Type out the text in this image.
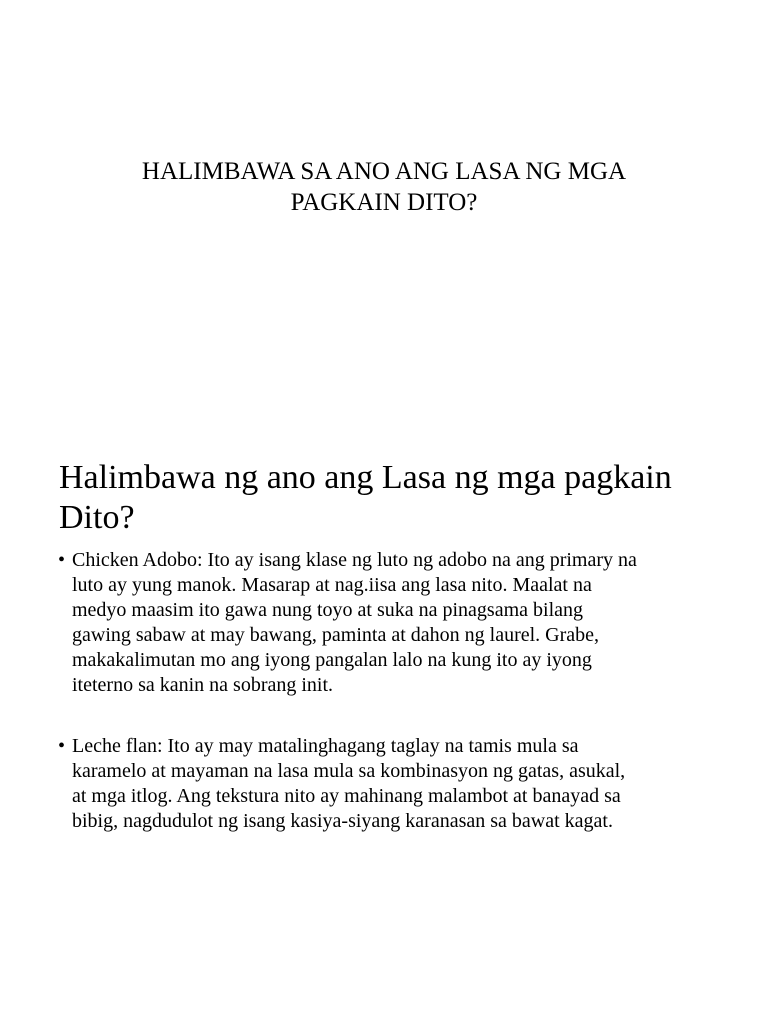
HALIMBAWA SA ANO ANG LASA NG MGA
PAGKAIN DITO?
Halimbawa ng ano ang Lasa ng mga pagkain
Dito?
• Chicken Adobo: Ito ay isang klase ng luto ng adobo na ang primary na
luto ay yung manok. Masarap at nag.iisa ang lasa nito. Maalat na
medyo maasim ito gawa nung toyo at suka na pinagsama bilang
gawing sabaw at may bawang, paminta at dahon ng laurel. Grabe,
makakalimutan mo ang iyong pangalan lalo na kung ito ay iyong
iteterno sa kanin na sobrang init.
• Leche flan: Ito ay may matalinghagang taglay na tamis mula sa
karamelo at mayaman na lasa mula sa kombinasyon ng gatas, asukal,
at mga itlog. Ang tekstura nito ay mahinang malambot at banayad sa
bibig, nagdudulot ng isang kasiya-siyang karanasan sa bawat kagat.
